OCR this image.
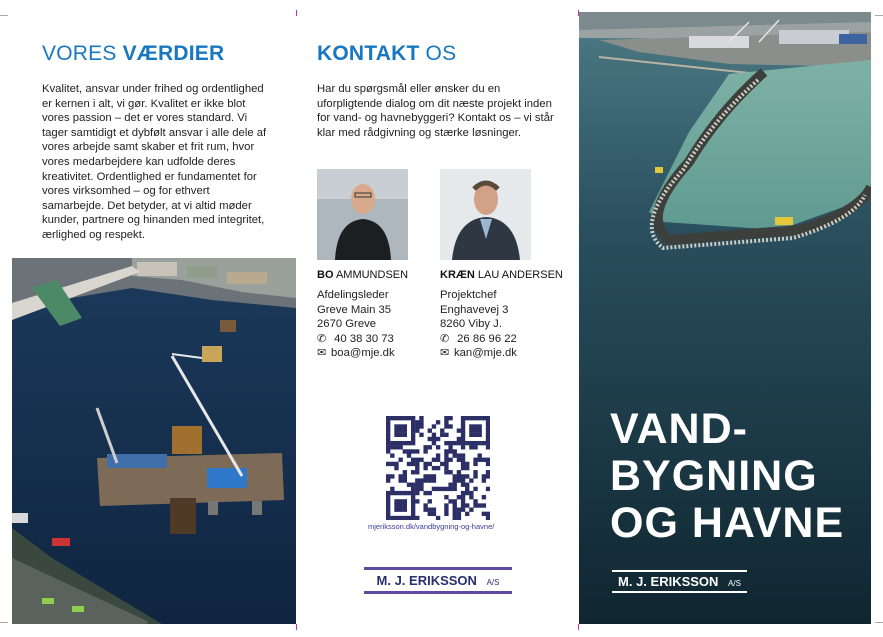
VORES VÆRDIER
Kvalitet, ansvar under frihed og ordentlighed er kernen i alt, vi gør. Kvalitet er ikke blot vores passion – det er vores standard. Vi tager samtidigt et dybfølt ansvar i alle dele af vores arbejde samt skaber et frit rum, hvor vores medarbejdere kan udfolde deres kreativitet. Ordentlighed er fundamentet for vores virksomhed – og for ethvert samarbejde. Det betyder, at vi altid møder kunder, partnere og hinanden med integritet, ærlighed og respekt.
KONTAKT OS
Har du spørgsmål eller ønsker du en uforpligtende dialog om dit næste projekt inden for vand- og havnebyggeri? Kontakt os – vi står klar med rådgivning og stærke løsninger.
BO AMMUNDSEN
Afdelingsleder
Greve Main 35
2670 Greve
✆ 40 38 30 73
✉ boa@mje.dk
KRÆN LAU ANDERSEN
Projektchef
Enghavevej 3
8260 Viby J.
✆ 26 86 96 22
✉ kan@mje.dk
mjeriksson.dk/vandbygning-og-havne/
M. J. ERIKSSON A/S
VAND-
BYGNING
OG HAVNE
M. J. ERIKSSON A/S
